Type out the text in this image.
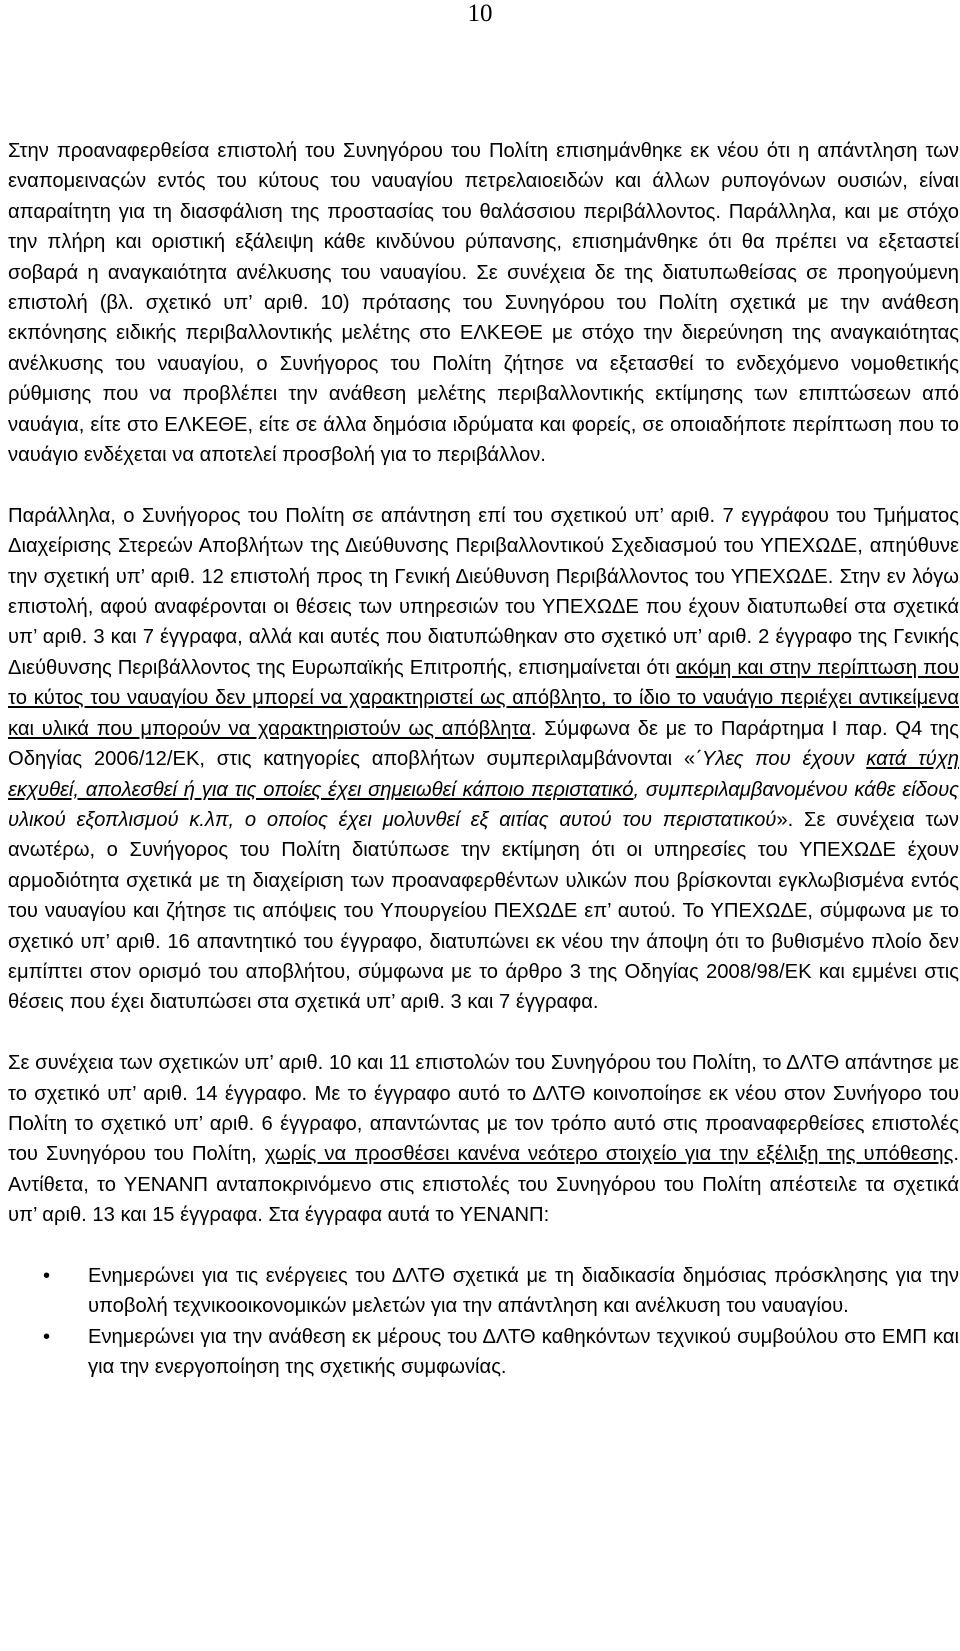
10

Στην προαναφερθείσα επιστολή του Συνηγόρου του Πολίτη επισημάνθηκε εκ νέου ότι η απάντληση των εναπομειναςών εντός του κύτους του ναυαγίου πετρελαιοειδών και άλλων ρυπογόνων ουσιών, είναι απαραίτητη για τη διασφάλιση της προστασίας του θαλάσσιου περιβάλλοντος. Παράλληλα, και με στόχο την πλήρη και οριστική εξάλειψη κάθε κινδύνου ρύπανσης, επισημάνθηκε ότι θα πρέπει να εξεταστεί σοβαρά η αναγκαιότητα ανέλκυσης του ναυαγίου. Σε συνέχεια δε της διατυπωθείσας σε προηγούμενη επιστολή (βλ. σχετικό υπ’ αριθ. 10) πρότασης του Συνηγόρου του Πολίτη σχετικά με την ανάθεση εκπόνησης ειδικής περιβαλλοντικής μελέτης στο ΕΛΚΕΘΕ με στόχο την διερεύνηση της αναγκαιότητας ανέλκυσης του ναυαγίου, ο Συνήγορος του Πολίτη ζήτησε να εξετασθεί το ενδεχόμενο νομοθετικής ρύθμισης που να προβλέπει την ανάθεση μελέτης περιβαλλοντικής εκτίμησης των επιπτώσεων από ναυάγια, είτε στο ΕΛΚΕΘΕ, είτε σε άλλα δημόσια ιδρύματα και φορείς, σε οποιαδήποτε περίπτωση που το ναυάγιο ενδέχεται να αποτελεί προσβολή για το περιβάλλον.

Παράλληλα, ο Συνήγορος του Πολίτη σε απάντηση επί του σχετικού υπ’ αριθ. 7 εγγράφου του Τμήματος Διαχείρισης Στερεών Αποβλήτων της Διεύθυνσης Περιβαλλοντικού Σχεδιασμού του ΥΠΕΧΩΔΕ, απηύθυνε την σχετική υπ’ αριθ. 12 επιστολή προς τη Γενική Διεύθυνση Περιβάλλοντος του ΥΠΕΧΩΔΕ. Στην εν λόγω επιστολή, αφού αναφέρονται οι θέσεις των υπηρεσιών του ΥΠΕΧΩΔΕ που έχουν διατυπωθεί στα σχετικά υπ’ αριθ. 3 και 7 έγγραφα, αλλά και αυτές που διατυπώθηκαν στο σχετικό υπ’ αριθ. 2 έγγραφο της Γενικής Διεύθυνσης Περιβάλλοντος της Ευρωπαϊκής Επιτροπής, επισημαίνεται ότι ακόμη και στην περίπτωση που το κύτος του ναυαγίου δεν μπορεί να χαρακτηριστεί ως απόβλητο, το ίδιο το ναυάγιο περιέχει αντικείμενα και υλικά που μπορούν να χαρακτηριστούν ως απόβλητα. Σύμφωνα δε με το Παράρτημα Ι παρ. Q4 της Οδηγίας 2006/12/ΕΚ, στις κατηγορίες αποβλήτων συμπεριλαμβάνονται «΄Υλες που έχουν κατά τύχη εκχυθεί, απολεσθεί ή για τις οποίες έχει σημειωθεί κάποιο περιστατικό, συμπεριλαμβανομένου κάθε είδους υλικού εξοπλισμού κ.λπ, ο οποίος έχει μολυνθεί εξ αιτίας αυτού του περιστατικού». Σε συνέχεια των ανωτέρω, ο Συνήγορος του Πολίτη διατύπωσε την εκτίμηση ότι οι υπηρεσίες του ΥΠΕΧΩΔΕ έχουν αρμοδιότητα σχετικά με τη διαχείριση των προαναφερθέντων υλικών που βρίσκονται εγκλωβισμένα εντός του ναυαγίου και ζήτησε τις απόψεις του Υπουργείου ΠΕΧΩΔΕ επ’ αυτού. Το ΥΠΕΧΩΔΕ, σύμφωνα με το σχετικό υπ’ αριθ. 16 απαντητικό του έγγραφο, διατυπώνει εκ νέου την άποψη ότι το βυθισμένο πλοίο δεν εμπίπτει στον ορισμό του αποβλήτου, σύμφωνα με το άρθρο 3 της Οδηγίας 2008/98/ΕΚ και εμμένει στις θέσεις που έχει διατυπώσει στα σχετικά υπ’ αριθ. 3 και 7 έγγραφα.

Σε συνέχεια των σχετικών υπ’ αριθ. 10 και 11 επιστολών του Συνηγόρου του Πολίτη, το ΔΛΤΘ απάντησε με το σχετικό υπ’ αριθ. 14 έγγραφο. Με το έγγραφο αυτό το ΔΛΤΘ κοινοποίησε εκ νέου στον Συνήγορο του Πολίτη το σχετικό υπ’ αριθ. 6 έγγραφο, απαντώντας με τον τρόπο αυτό στις προαναφερθείσες επιστολές του Συνηγόρου του Πολίτη, χωρίς να προσθέσει κανένα νεότερο στοιχείο για την εξέλιξη της υπόθεσης. Αντίθετα, το ΥΕΝΑΝΠ ανταποκρινόμενο στις επιστολές του Συνηγόρου του Πολίτη απέστειλε τα σχετικά υπ’ αριθ. 13 και 15 έγγραφα. Στα έγγραφα αυτά το ΥΕΝΑΝΠ:

• Ενημερώνει για τις ενέργειες του ΔΛΤΘ σχετικά με τη διαδικασία δημόσιας πρόσκλησης για την υποβολή τεχνικοοικονομικών μελετών για την απάντληση και ανέλκυση του ναυαγίου.
• Ενημερώνει για την ανάθεση εκ μέρους του ΔΛΤΘ καθηκόντων τεχνικού συμβούλου στο ΕΜΠ και για την ενεργοποίηση της σχετικής συμφωνίας.
